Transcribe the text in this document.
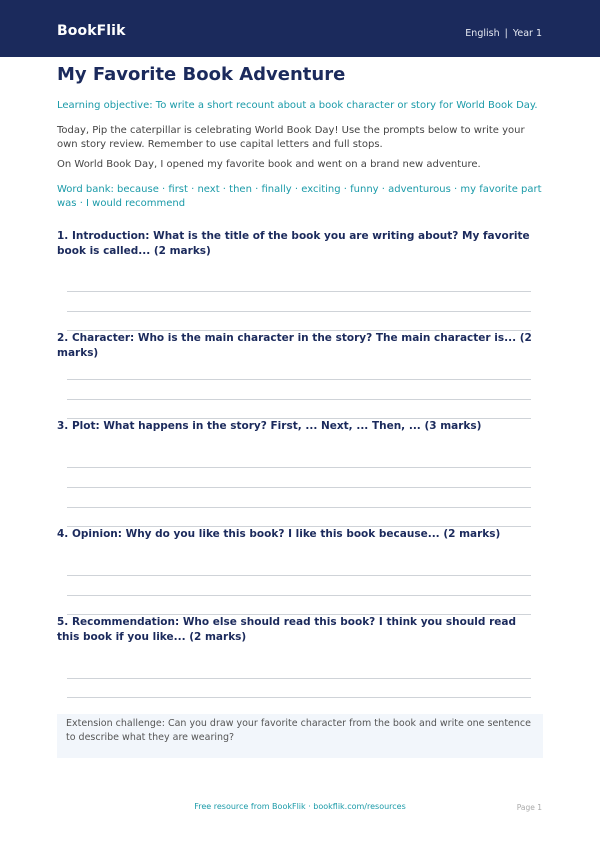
BookFlik	English | Year 1
My Favorite Book Adventure

Learning objective: To write a short recount about a book character or story for World Book Day.

Today, Pip the caterpillar is celebrating World Book Day! Use the prompts below to write your own story review. Remember to use capital letters and full stops.

On World Book Day, I opened my favorite book and went on a brand new adventure.

Word bank: because · first · next · then · finally · exciting · funny · adventurous · my favorite part was · I would recommend

1. Introduction: What is the title of the book you are writing about? My favorite book is called... (2 marks)

2. Character: Who is the main character in the story? The main character is... (2 marks)

3. Plot: What happens in the story? First, ... Next, ... Then, ... (3 marks)

4. Opinion: Why do you like this book? I like this book because... (2 marks)

5. Recommendation: Who else should read this book? I think you should read this book if you like... (2 marks)

Extension challenge: Can you draw your favorite character from the book and write one sentence to describe what they are wearing?

Free resource from BookFlik · bookflik.com/resources	Page 1
